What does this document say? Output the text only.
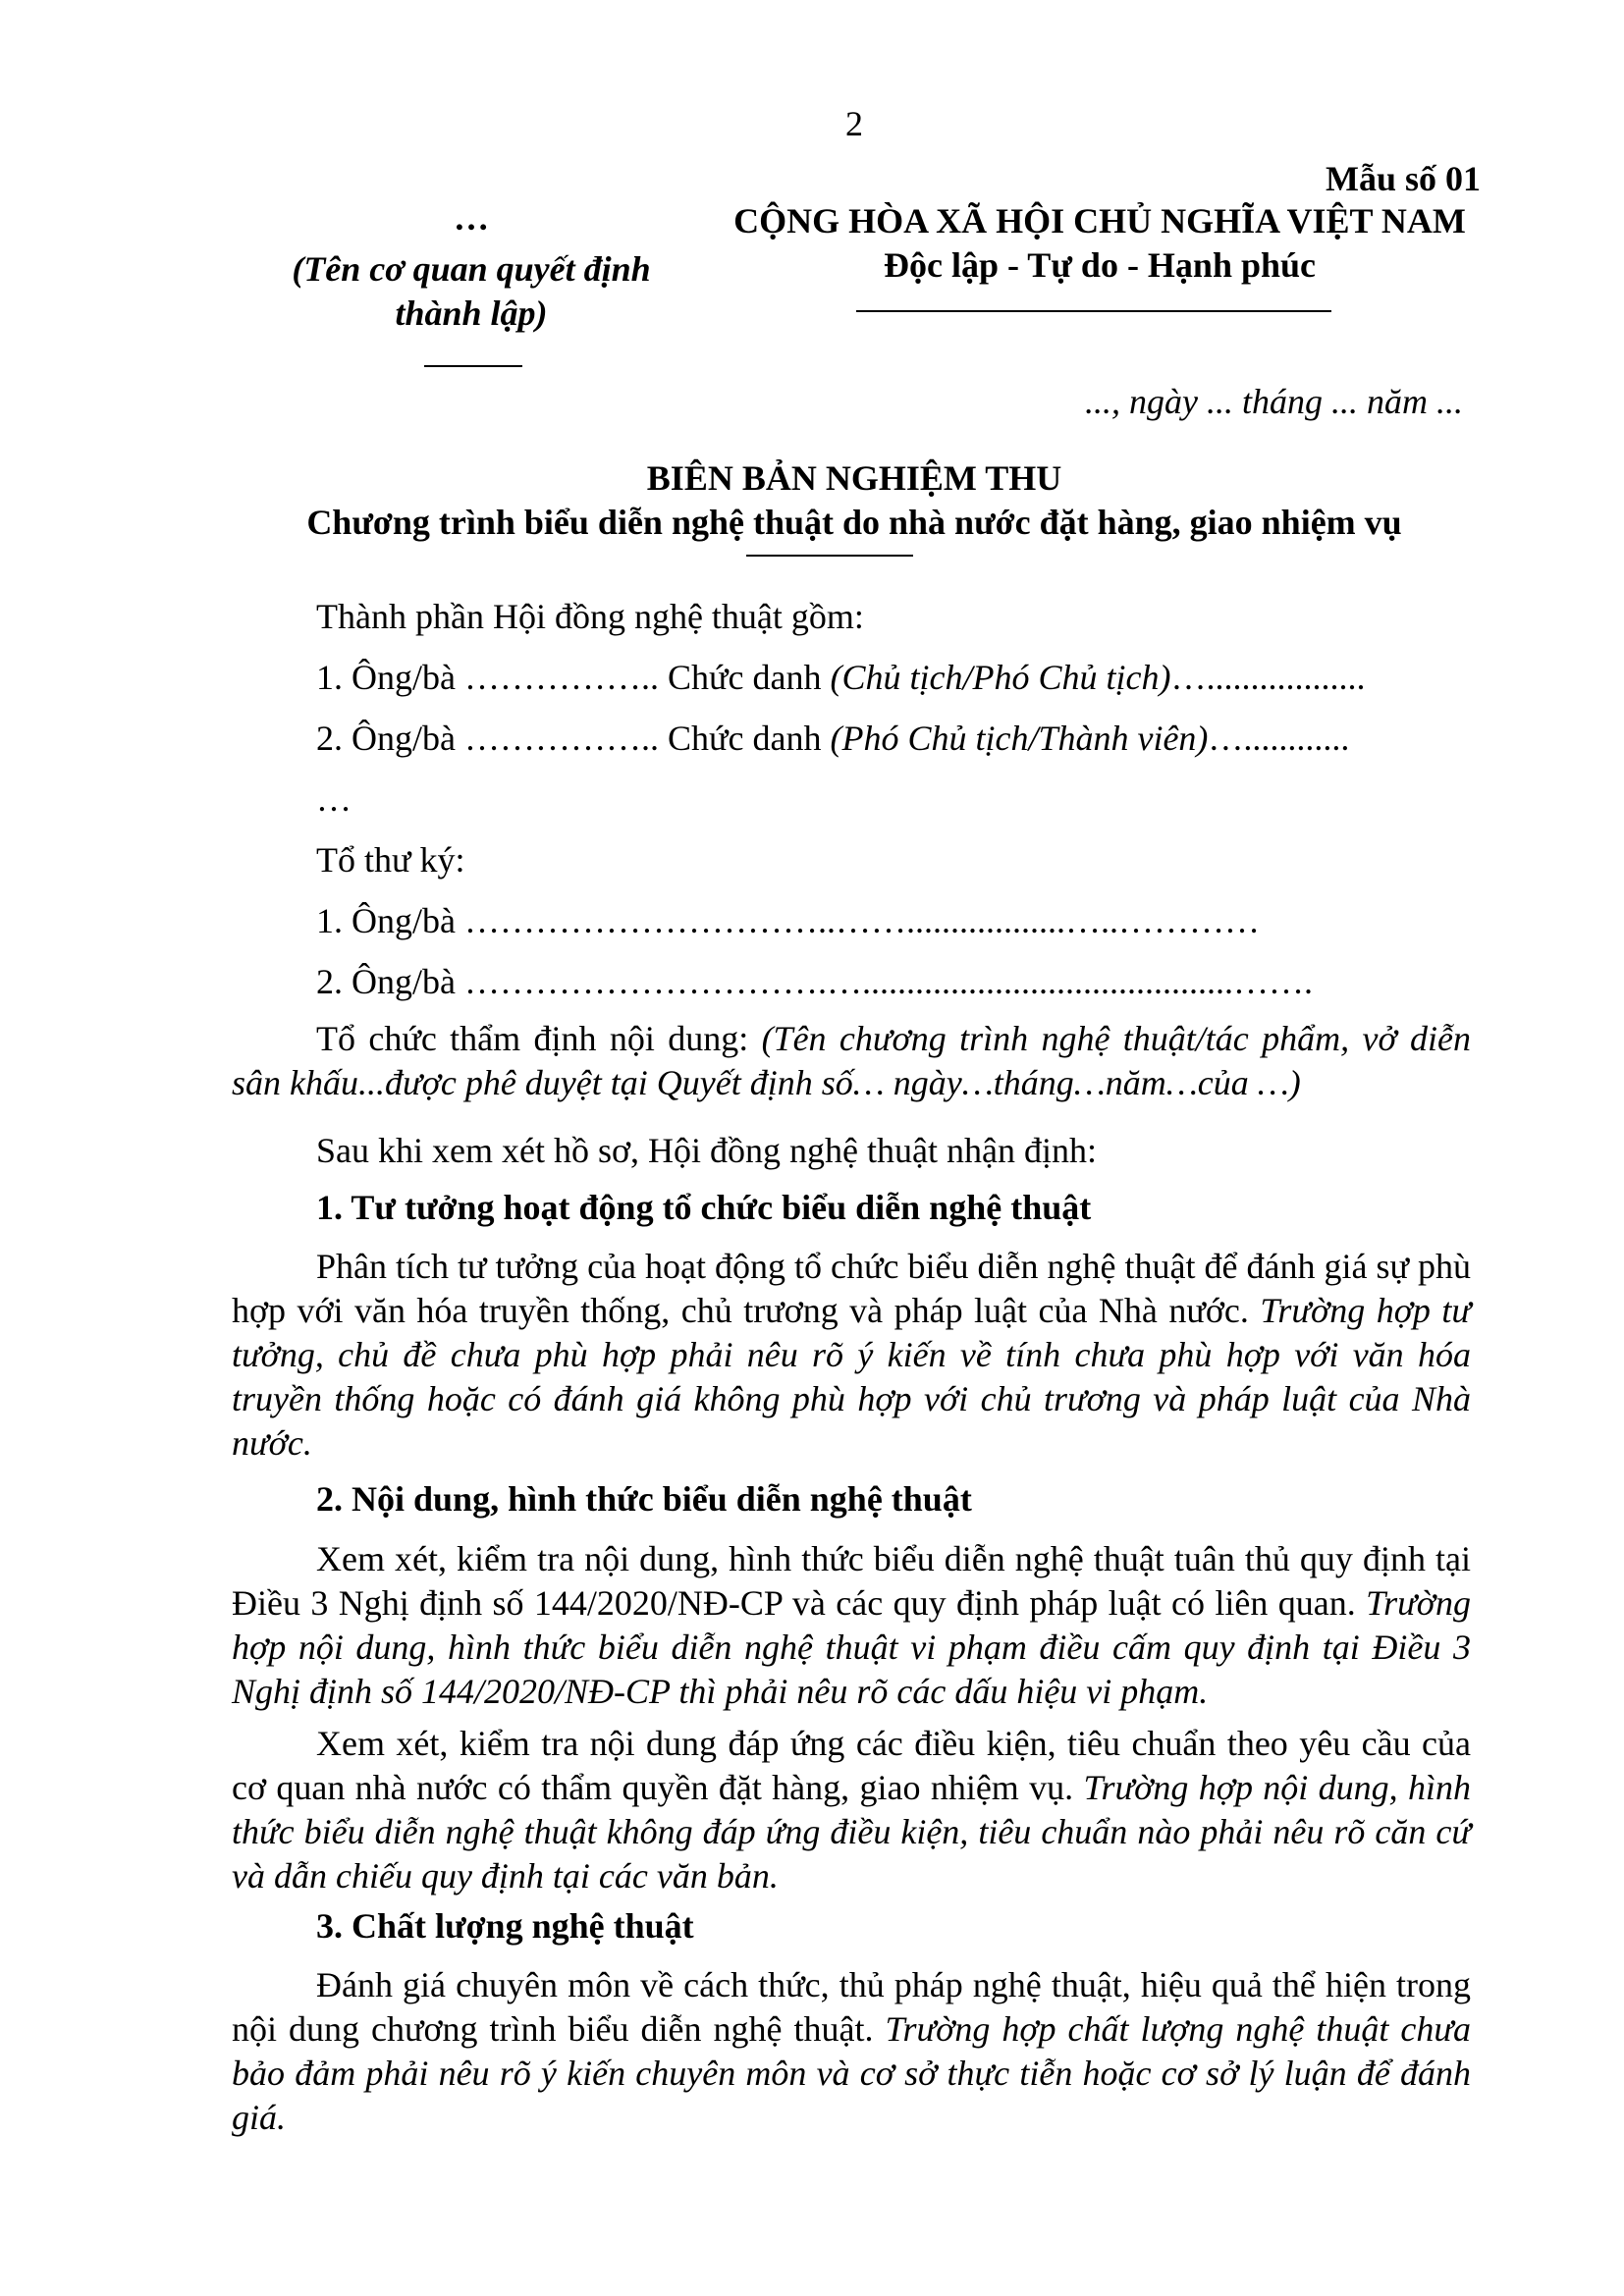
2

Mẫu số 01

…

(Tên cơ quan quyết định

thành lập)

CỘNG HÒA XÃ HỘI CHỦ NGHĨA VIỆT NAM

Độc lập - Tự do - Hạnh phúc

..., ngày ... tháng ... năm ...

BIÊN BẢN NGHIỆM THU

Chương trình biểu diễn nghệ thuật do nhà nước đặt hàng, giao nhiệm vụ

Thành phần Hội đồng nghệ thuật gồm:

1. Ông/bà …………….. Chức danh (Chủ tịch/Phó Chủ tịch)…..................

2. Ông/bà …………….. Chức danh (Phó Chủ tịch/Thành viên)…............

…

Tổ thư ký:

1. Ông/bà …………………………..……..................…..…………

2. Ông/bà ………………………….…..........................................…….

Tổ chức thẩm định nội dung: (Tên chương trình nghệ thuật/tác phẩm, vở diễn sân khấu...được phê duyệt tại Quyết định số… ngày…tháng…năm…của …)

Sau khi xem xét hồ sơ, Hội đồng nghệ thuật nhận định:

1. Tư tưởng hoạt động tổ chức biểu diễn nghệ thuật

Phân tích tư tưởng của hoạt động tổ chức biểu diễn nghệ thuật để đánh giá sự phù hợp với văn hóa truyền thống, chủ trương và pháp luật của Nhà nước. Trường hợp tư tưởng, chủ đề chưa phù hợp phải nêu rõ ý kiến về tính chưa phù hợp với văn hóa truyền thống hoặc có đánh giá không phù hợp với chủ trương và pháp luật của Nhà nước.

2. Nội dung, hình thức biểu diễn nghệ thuật

Xem xét, kiểm tra nội dung, hình thức biểu diễn nghệ thuật tuân thủ quy định tại Điều 3 Nghị định số 144/2020/NĐ-CP và các quy định pháp luật có liên quan. Trường hợp nội dung, hình thức biểu diễn nghệ thuật vi phạm điều cấm quy định tại Điều 3 Nghị định số 144/2020/NĐ-CP thì phải nêu rõ các dấu hiệu vi phạm.

Xem xét, kiểm tra nội dung đáp ứng các điều kiện, tiêu chuẩn theo yêu cầu của cơ quan nhà nước có thẩm quyền đặt hàng, giao nhiệm vụ. Trường hợp nội dung, hình thức biểu diễn nghệ thuật không đáp ứng điều kiện, tiêu chuẩn nào phải nêu rõ căn cứ và dẫn chiếu quy định tại các văn bản.

3. Chất lượng nghệ thuật

Đánh giá chuyên môn về cách thức, thủ pháp nghệ thuật, hiệu quả thể hiện trong nội dung chương trình biểu diễn nghệ thuật. Trường hợp chất lượng nghệ thuật chưa bảo đảm phải nêu rõ ý kiến chuyên môn và cơ sở thực tiễn hoặc cơ sở lý luận để đánh giá.
